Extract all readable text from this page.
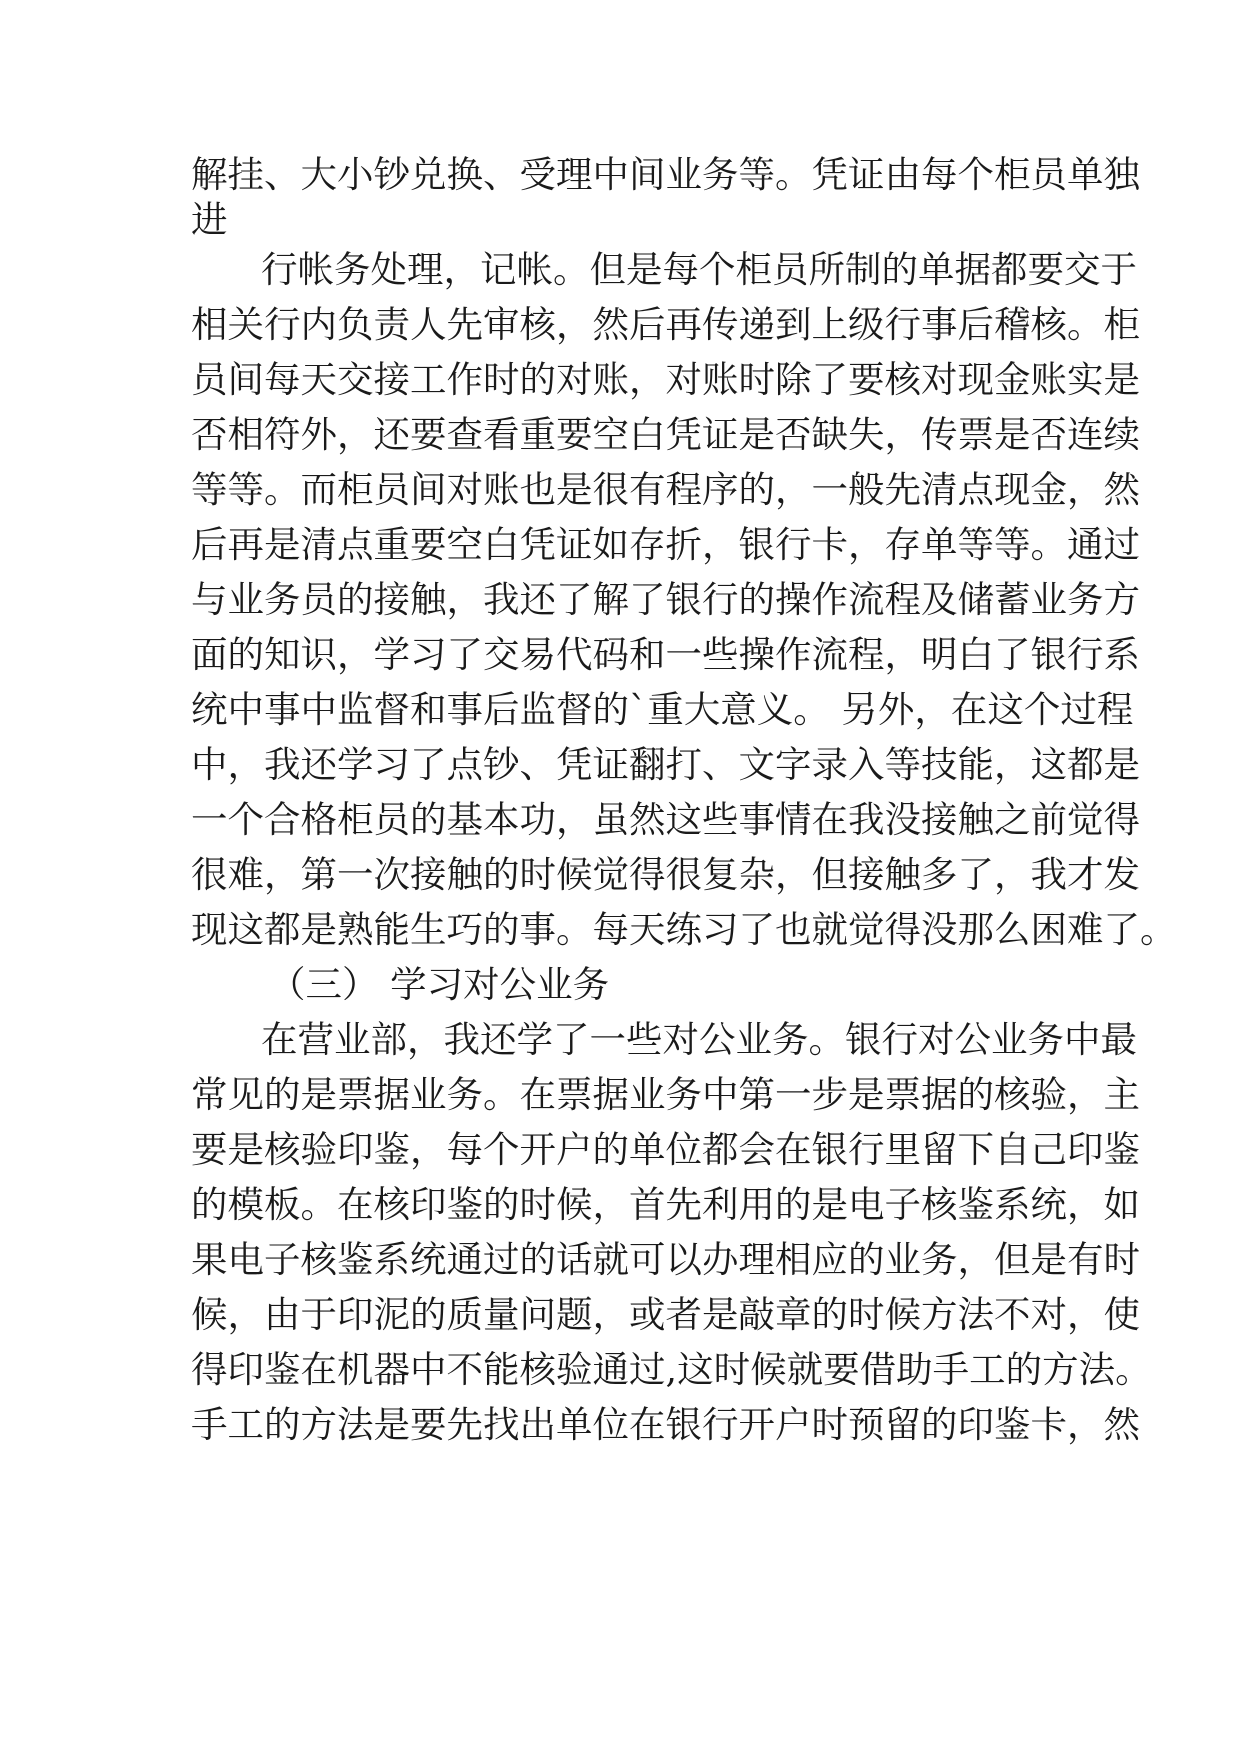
解挂、大小钞兑换、受理中间业务等。凭证由每个柜员单独
进
行帐务处理，记帐。但是每个柜员所制的单据都要交于
相关行内负责人先审核，然后再传递到上级行事后稽核。柜
员间每天交接工作时的对账，对账时除了要核对现金账实是
否相符外，还要查看重要空白凭证是否缺失，传票是否连续
等等。而柜员间对账也是很有程序的，一般先清点现金，然
后再是清点重要空白凭证如存折，银行卡，存单等等。通过
与业务员的接触，我还了解了银行的操作流程及储蓄业务方
面的知识，学习了交易代码和一些操作流程，明白了银行系
统中事中监督和事后监督的`重大意义。 另外，在这个过程
中，我还学习了点钞、凭证翻打、文字录入等技能，这都是
一个合格柜员的基本功，虽然这些事情在我没接触之前觉得
很难，第一次接触的时候觉得很复杂，但接触多了，我才发
现这都是熟能生巧的事。每天练习了也就觉得没那么困难了。
（三） 学习对公业务
在营业部，我还学了一些对公业务。银行对公业务中最
常见的是票据业务。在票据业务中第一步是票据的核验，主
要是核验印鉴，每个开户的单位都会在银行里留下自己印鉴
的模板。在核印鉴的时候，首先利用的是电子核鉴系统，如
果电子核鉴系统通过的话就可以办理相应的业务，但是有时
候，由于印泥的质量问题，或者是敲章的时候方法不对，使
得印鉴在机器中不能核验通过,这时候就要借助手工的方法。
手工的方法是要先找出单位在银行开户时预留的印鉴卡，然
